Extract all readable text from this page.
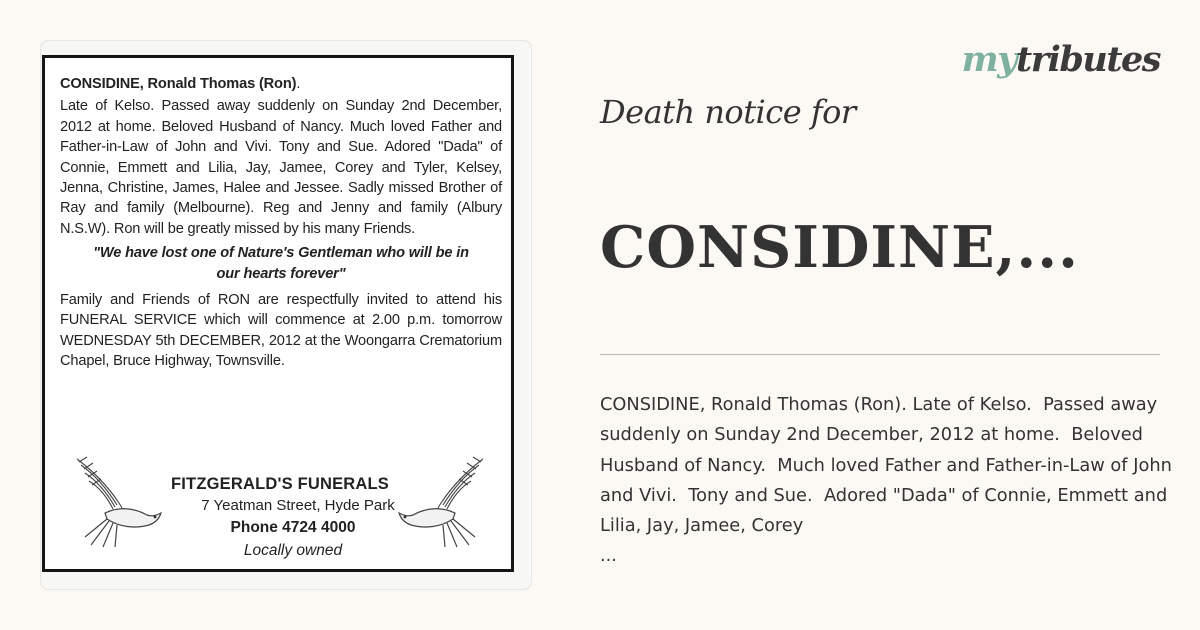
CONSIDINE, Ronald Thomas (Ron).

Late of Kelso. Passed away suddenly on Sunday 2nd December, 2012 at home. Beloved Husband of Nancy. Much loved Father and Father-in-Law of John and Vivi. Tony and Sue. Adored "Dada" of Connie, Emmett and Lilia, Jay, Jamee, Corey and Tyler, Kelsey, Jenna, Christine, James, Halee and Jessee. Sadly missed Brother of Ray and family (Melbourne). Reg and Jenny and family (Albury N.S.W). Ron will be greatly missed by his many Friends.

"We have lost one of Nature's Gentleman who will be in our hearts forever"

Family and Friends of RON are respectfully invited to attend his FUNERAL SERVICE which will commence at 2.00 p.m. tomorrow WEDNESDAY 5th DECEMBER, 2012 at the Woongarra Crematorium Chapel, Bruce Highway, Townsville.

FITZGERALD'S FUNERALS
7 Yeatman Street, Hyde Park
Phone 4724 4000
Locally owned
mytributes
Death notice for
CONSIDINE,...
CONSIDINE, Ronald Thomas (Ron). Late of Kelso.  Passed away suddenly on Sunday 2nd December, 2012 at home.  Beloved Husband of Nancy.  Much loved Father and Father-in-Law of John and Vivi.  Tony and Sue.  Adored "Dada" of Connie, Emmett and Lilia, Jay, Jamee, Corey
...
